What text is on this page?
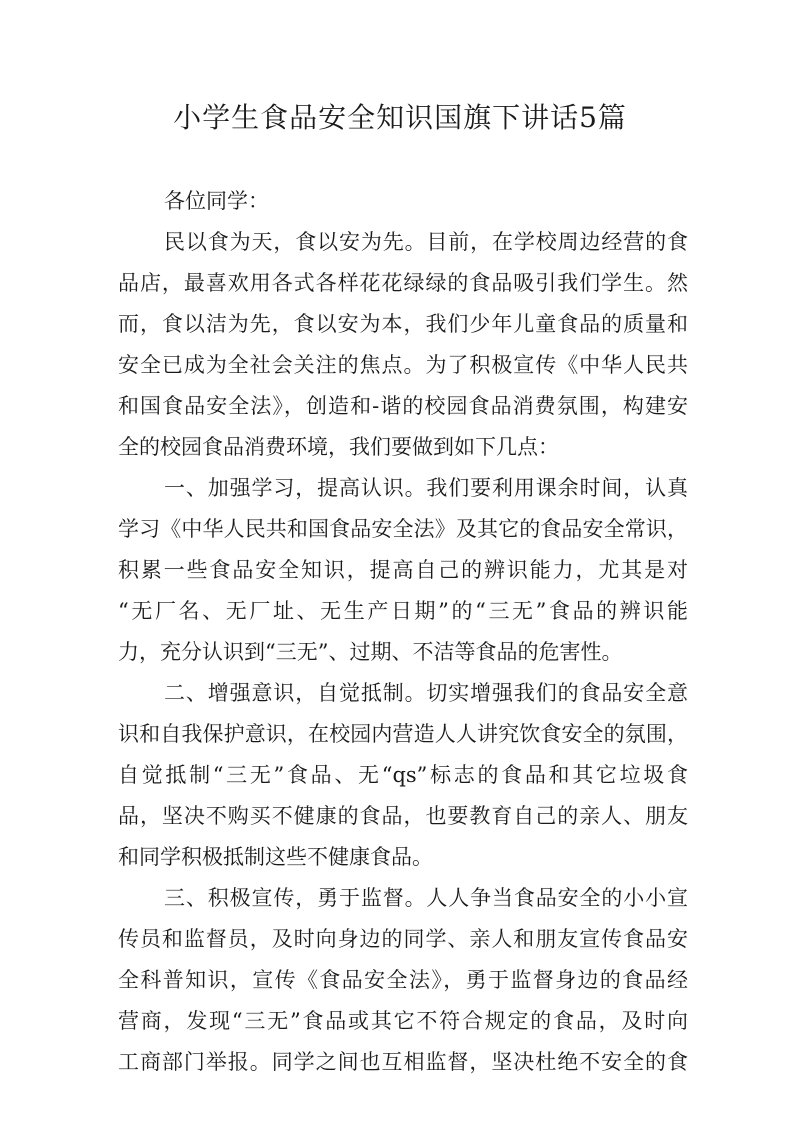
小学生食品安全知识国旗下讲话5篇

各位同学：

民以食为天，食以安为先。目前，在学校周边经营的食
品店，最喜欢用各式各样花花绿绿的食品吸引我们学生。然
而，食以洁为先，食以安为本，我们少年儿童食品的质量和
安全已成为全社会关注的焦点。为了积极宣传《中华人民共
和国食品安全法》，创造和-谐的校园食品消费氛围，构建安
全的校园食品消费环境，我们要做到如下几点：
一、加强学习，提高认识。我们要利用课余时间，认真
学习《中华人民共和国食品安全法》及其它的食品安全常识，
积累一些食品安全知识，提高自己的辨识能力，尤其是对
“无厂名、无厂址、无生产日期”的“三无”食品的辨识能
力，充分认识到“三无”、过期、不洁等食品的危害性。
二、增强意识，自觉抵制。切实增强我们的食品安全意
识和自我保护意识，在校园内营造人人讲究饮食安全的氛围，
自觉抵制“三无”食品、无“qs”标志的食品和其它垃圾食
品，坚决不购买不健康的食品，也要教育自己的亲人、朋友
和同学积极抵制这些不健康食品。
三、积极宣传，勇于监督。人人争当食品安全的小小宣
传员和监督员，及时向身边的同学、亲人和朋友宣传食品安
全科普知识，宣传《食品安全法》，勇于监督身边的食品经
营商，发现“三无”食品或其它不符合规定的食品，及时向
工商部门举报。同学之间也互相监督，坚决杜绝不安全的食
